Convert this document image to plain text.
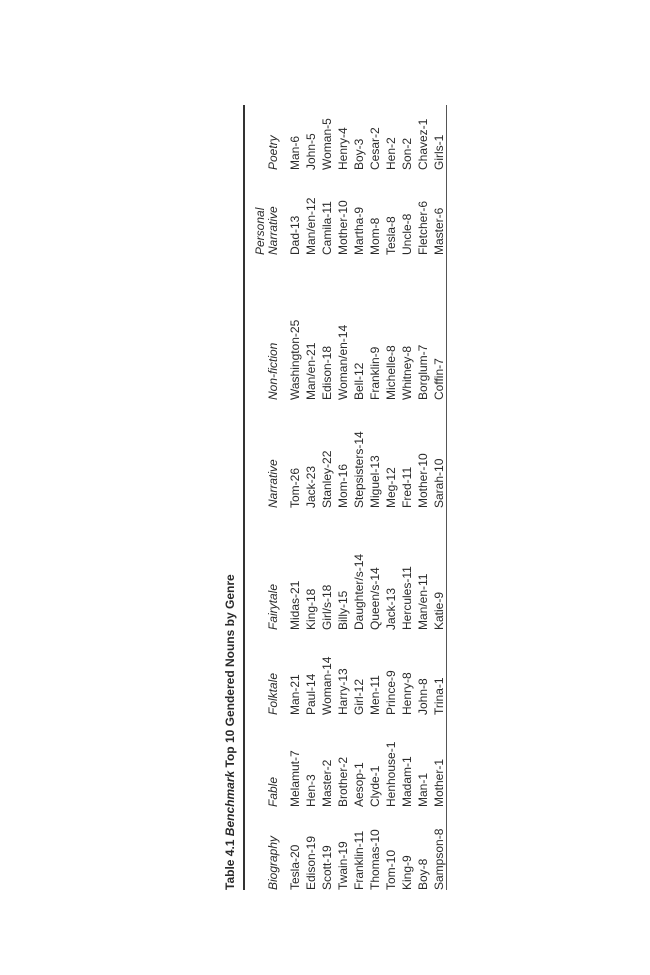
Table 4.1 Benchmark Top 10 Gendered Nouns by Genre
Biography Tesla-20 Edison-19 Scott-19 Twain-19 Franklin-11 Thomas-10 Tom-10 King-9 Boy-8 Sampson-8
Fable Melamut-7 Hen-3 Master-2 Brother-2 Aesop-1 Clyde-1 Henhouse-1 Madam-1 Man-1 Mother-1
Folktale Man-21 Paul-14 Woman-14 Harry-13 Girl-12 Men-11 Prince-9 Henry-8 John-8 Trina-1
Fairytale Midas-21 King-18 Girl/s-18 Billy-15 Daughter/s-14 Queen/s-14 Jack-13 Hercules-11 Man/en-11 Katie-9
Narrative Tom-26 Jack-23 Stanley-22 Mom-16 Stepsisters-14 Miguel-13 Meg-12 Fred-11 Mother-10 Sarah-10
Non-fiction Washington-25 Man/en-21 Edison-18 Woman/en-14 Bell-12 Franklin-9 Michelle-8 Whitney-8 Borglum-7 Coffin-7
Personal Narrative Dad-13 Man/en-12 Camila-11 Mother-10 Martha-9 Mom-8 Tesla-8 Uncle-8 Fletcher-6 Master-6
Poetry Man-6 John-5 Woman-5 Henry-4 Boy-3 Cesar-2 Hen-2 Son-2 Chavez-1 Girls-1
